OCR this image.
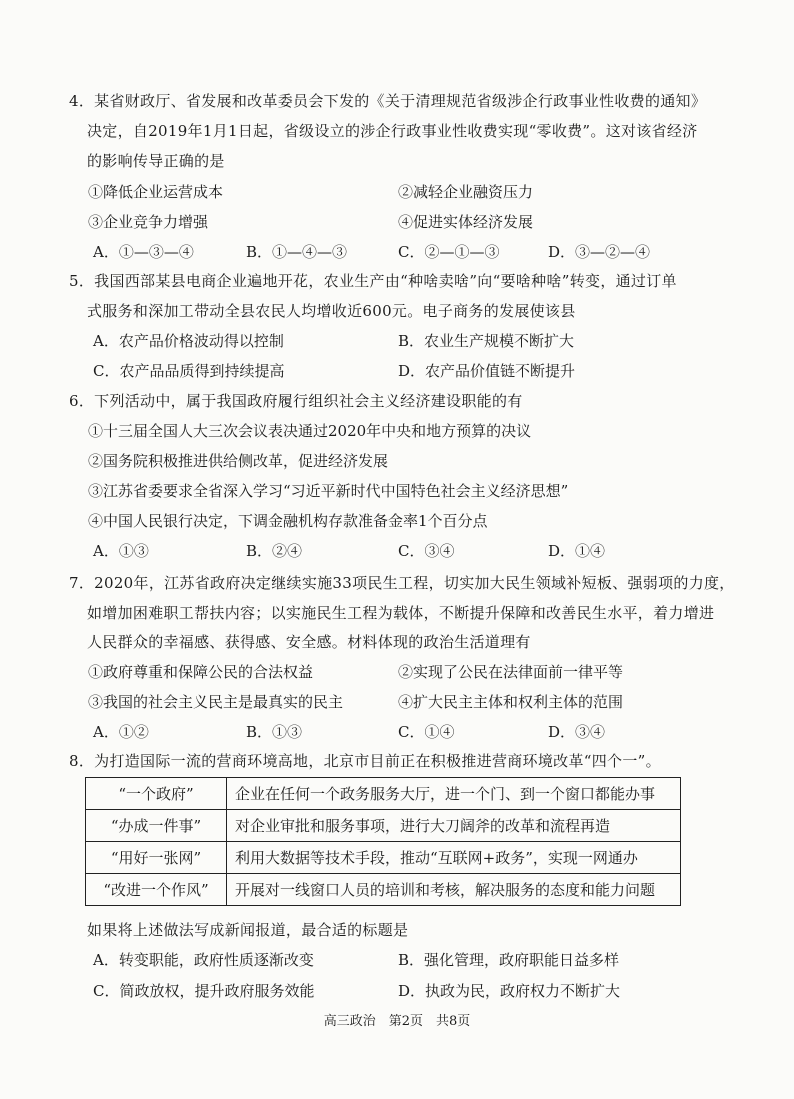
4．某省财政厅、省发展和改革委员会下发的《关于清理规范省级涉企行政事业性收费的通知》
决定，自2019年1月1日起，省级设立的涉企行政事业性收费实现“零收费”。这对该省经济
的影响传导正确的是
①降低企业运营成本	②减轻企业融资压力
③企业竞争力增强	④促进实体经济发展
A．①—③—④	B．①—④—③	C．②—①—③	D．③—②—④
5．我国西部某县电商企业遍地开花，农业生产由“种啥卖啥”向“要啥种啥”转变，通过订单
式服务和深加工带动全县农民人均增收近600元。电子商务的发展使该县
A．农产品价格波动得以控制	B．农业生产规模不断扩大
C．农产品品质得到持续提高	D．农产品价值链不断提升
6．下列活动中，属于我国政府履行组织社会主义经济建设职能的有
①十三届全国人大三次会议表决通过2020年中央和地方预算的决议
②国务院积极推进供给侧改革，促进经济发展
③江苏省委要求全省深入学习“习近平新时代中国特色社会主义经济思想”
④中国人民银行决定，下调金融机构存款准备金率1个百分点
A．①③	B．②④	C．③④	D．①④
7．2020年，江苏省政府决定继续实施33项民生工程，切实加大民生领域补短板、强弱项的力度，
如增加困难职工帮扶内容；以实施民生工程为载体，不断提升保障和改善民生水平，着力增进
人民群众的幸福感、获得感、安全感。材料体现的政治生活道理有
①政府尊重和保障公民的合法权益	②实现了公民在法律面前一律平等
③我国的社会主义民主是最真实的民主	④扩大民主主体和权利主体的范围
A．①②	B．①③	C．①④	D．③④
8．为打造国际一流的营商环境高地，北京市目前正在积极推进营商环境改革“四个一”。
“一个政府”	企业在任何一个政务服务大厅，进一个门、到一个窗口都能办事
“办成一件事”	对企业审批和服务事项，进行大刀阔斧的改革和流程再造
“用好一张网”	利用大数据等技术手段，推动“互联网+政务”，实现一网通办
“改进一个作风”	开展对一线窗口人员的培训和考核，解决服务的态度和能力问题
如果将上述做法写成新闻报道，最合适的标题是
A．转变职能，政府性质逐渐改变	B．强化管理，政府职能日益多样
C．简政放权，提升政府服务效能	D．执政为民，政府权力不断扩大
高三政治　第2页　共8页
